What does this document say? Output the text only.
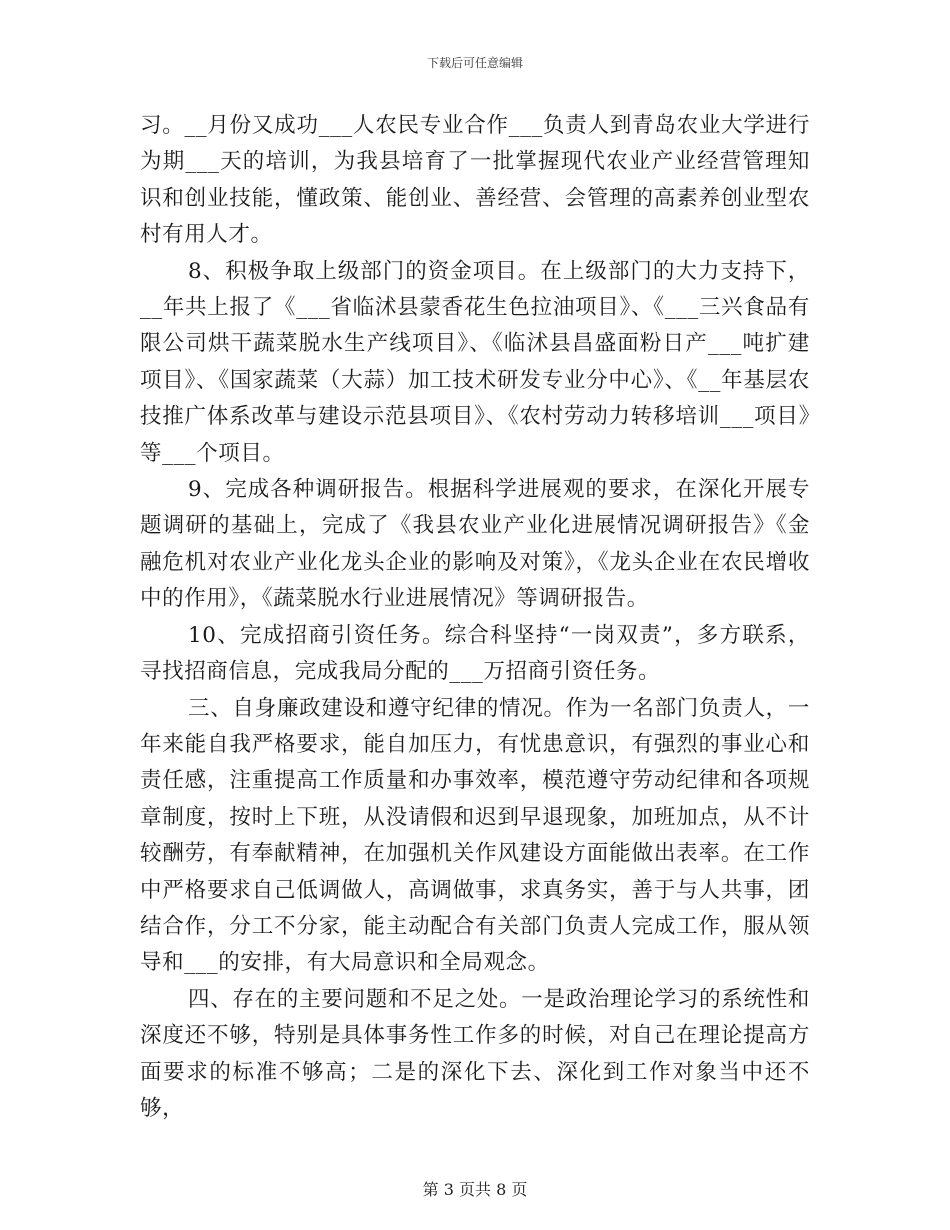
下载后可任意编辑

习。__月份又成功___人农民专业合作___负责人到青岛农业大学进行为期___天的培训，为我县培育了一批掌握现代农业产业经营管理知识和创业技能，懂政策、能创业、善经营、会管理的高素养创业型农村有用人才。

8、积极争取上级部门的资金项目。在上级部门的大力支持下，__年共上报了《___省临沭县蒙香花生色拉油项目》、《___三兴食品有限公司烘干蔬菜脱水生产线项目》、《临沭县昌盛面粉日产___吨扩建项目》、《国家蔬菜（大蒜）加工技术研发专业分中心》、《__年基层农技推广体系改革与建设示范县项目》、《农村劳动力转移培训___项目》等___个项目。

9、完成各种调研报告。根据科学进展观的要求，在深化开展专题调研的基础上，完成了《我县农业产业化进展情况调研报告》《金融危机对农业产业化龙头企业的影响及对策》，《龙头企业在农民增收中的作用》，《蔬菜脱水行业进展情况》等调研报告。

10、完成招商引资任务。综合科坚持“一岗双责”，多方联系，寻找招商信息，完成我局分配的___万招商引资任务。

三、自身廉政建设和遵守纪律的情况。作为一名部门负责人，一年来能自我严格要求，能自加压力，有忧患意识，有强烈的事业心和责任感，注重提高工作质量和办事效率，模范遵守劳动纪律和各项规章制度，按时上下班，从没请假和迟到早退现象，加班加点，从不计较酬劳，有奉献精神，在加强机关作风建设方面能做出表率。在工作中严格要求自己低调做人，高调做事，求真务实，善于与人共事，团结合作，分工不分家，能主动配合有关部门负责人完成工作，服从领导和___的安排，有大局意识和全局观念。

四、存在的主要问题和不足之处。一是政治理论学习的系统性和深度还不够，特别是具体事务性工作多的时候，对自己在理论提高方面要求的标准不够高；二是的深化下去、深化到工作对象当中还不够，

第 3 页共 8 页
